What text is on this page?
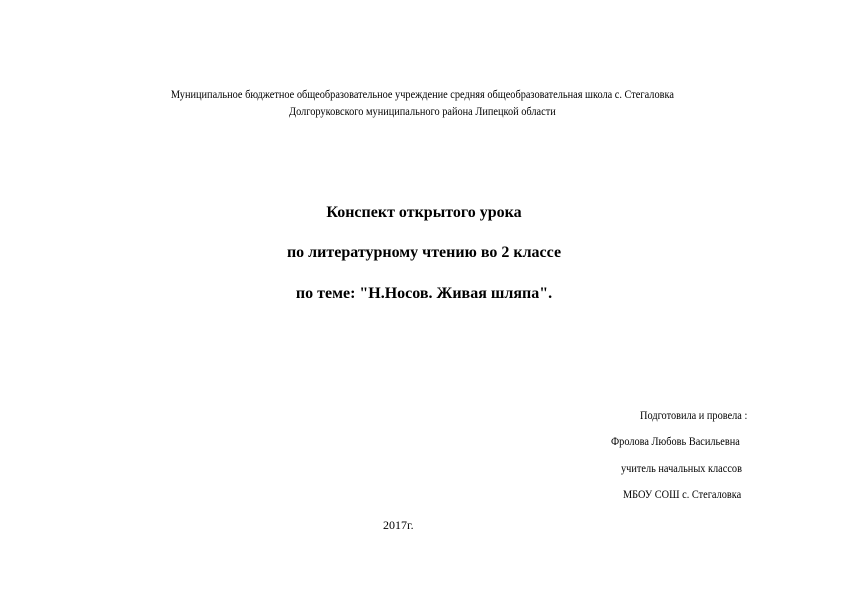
Муниципальное бюджетное общеобразовательное учреждение средняя общеобразовательная школа с. Стегаловка
Долгоруковского муниципального района Липецкой области
Конспект открытого урока
по литературному чтению во 2 классе
по теме: "Н.Носов. Живая шляпа".
Подготовила и провела :
Фролова Любовь Васильевна
учитель начальных классов
МБОУ СОШ с. Стегаловка
2017г.
